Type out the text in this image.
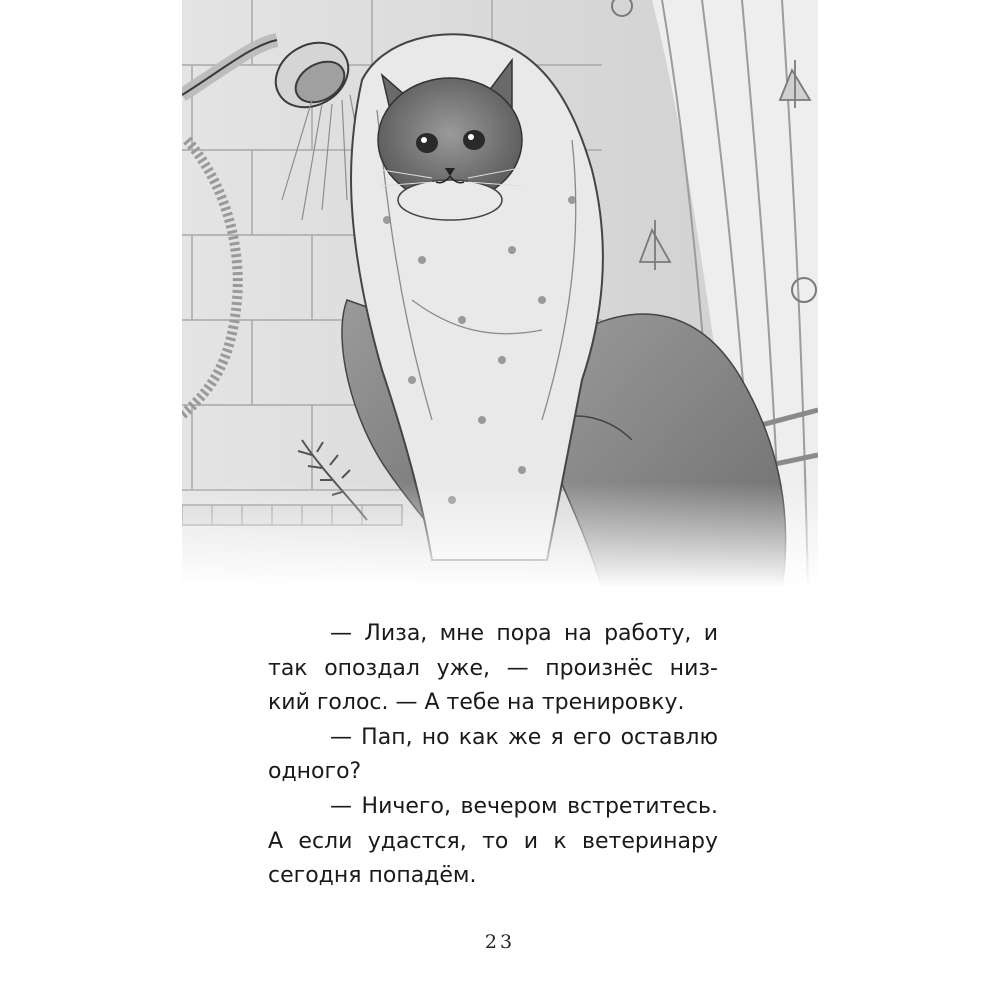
— Лиза, мне пора на работу, и так опоздал уже, — произнёс низ- кий голос. — А тебе на тренировку.

— Пап, но как же я его оставлю одного?

— Ничего, вечером встретитесь. А если удастся, то и к ветеринару сегодня попадём.

23
